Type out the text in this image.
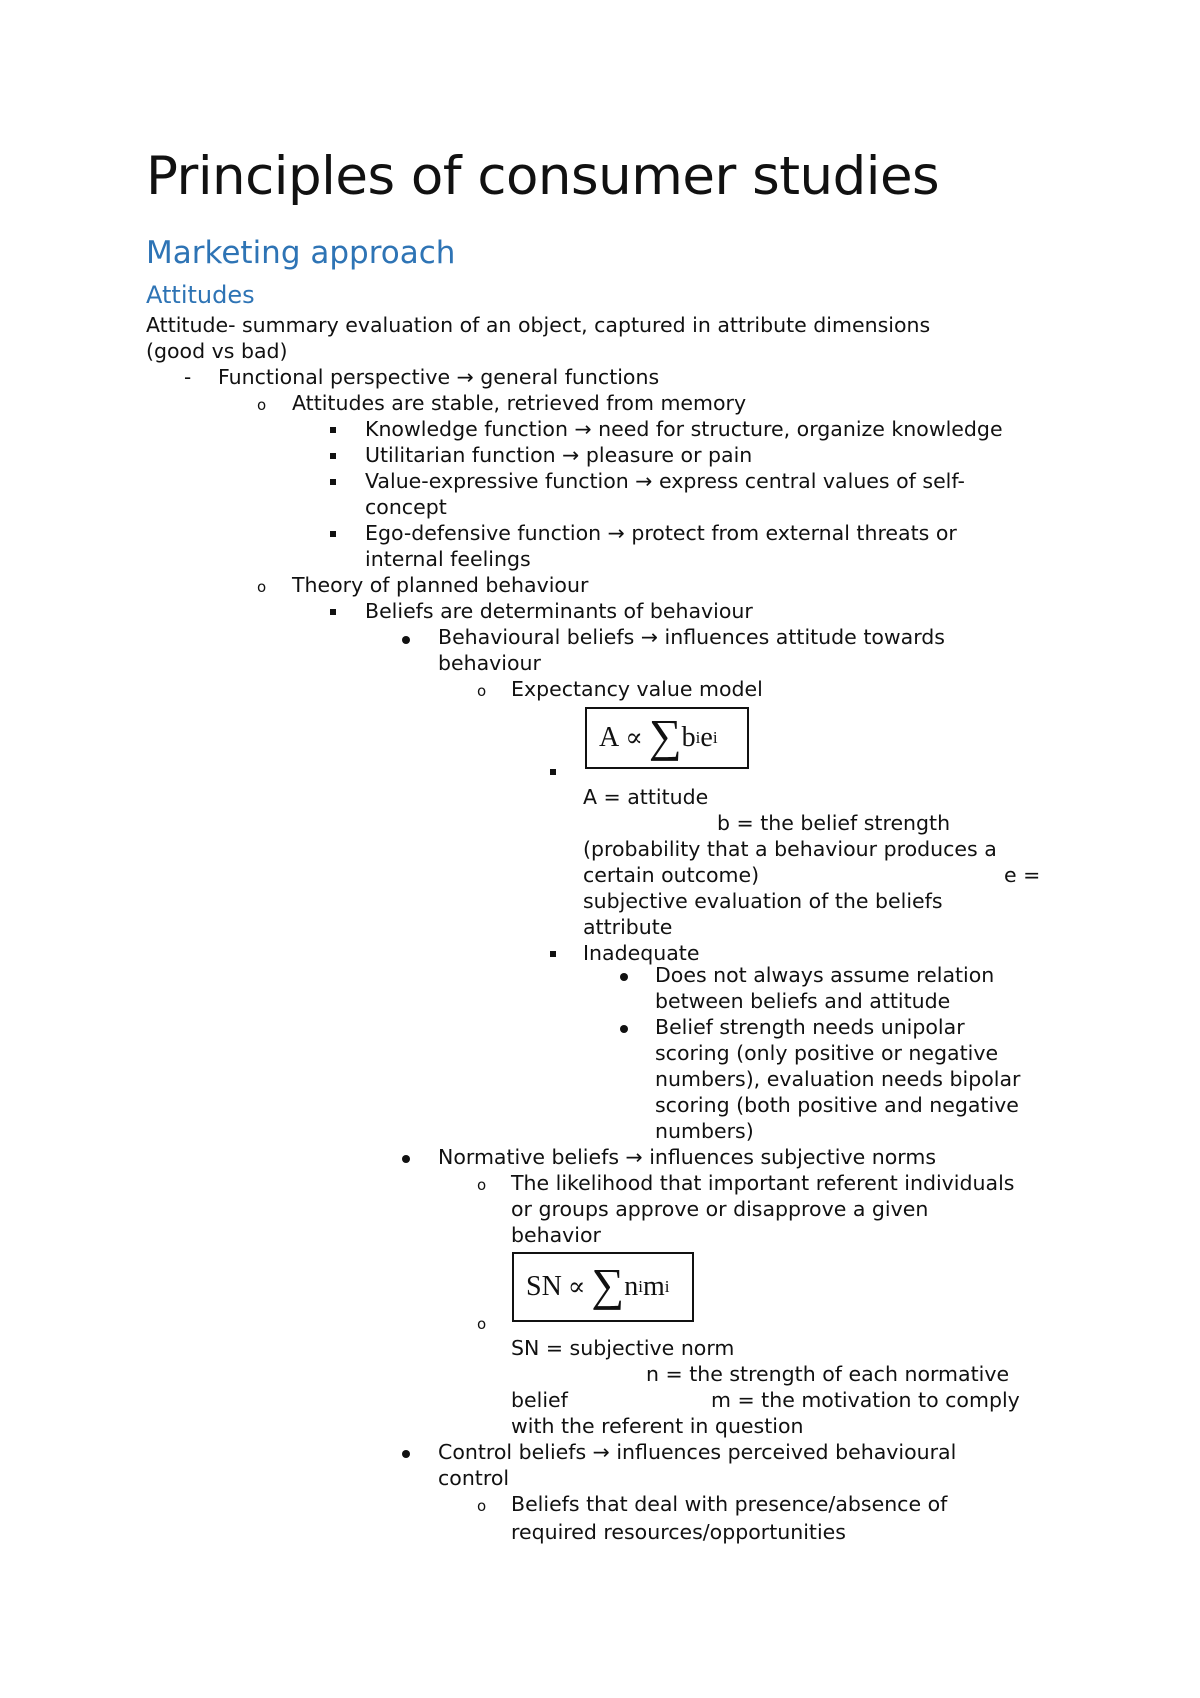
Principles of consumer studies
Marketing approach
Attitudes
Attitude- summary evaluation of an object, captured in attribute dimensions
(good vs bad)
- Functional perspective → general functions
o Attitudes are stable, retrieved from memory
Knowledge function → need for structure, organize knowledge
Utilitarian function → pleasure or pain
Value-expressive function → express central values of self-
concept
Ego-defensive function → protect from external threats or
internal feelings
o Theory of planned behaviour
Beliefs are determinants of behaviour
Behavioural beliefs → influences attitude towards
behaviour
o Expectancy value model
A ∝ ∑ b i e i
A = attitude
b = the belief strength
(probability that a behaviour produces a
certain outcome)	e =
subjective evaluation of the beliefs
attribute
Inadequate
Does not always assume relation
between beliefs and attitude
Belief strength needs unipolar
scoring (only positive or negative
numbers), evaluation needs bipolar
scoring (both positive and negative
numbers)
Normative beliefs → influences subjective norms
o The likelihood that important referent individuals
or groups approve or disapprove a given
behavior
o
SN ∝ ∑ n i m i
SN = subjective norm
n = the strength of each normative
belief	m = the motivation to comply
with the referent in question
Control beliefs → influences perceived behavioural
control
o Beliefs that deal with presence/absence of
required resources/opportunities
